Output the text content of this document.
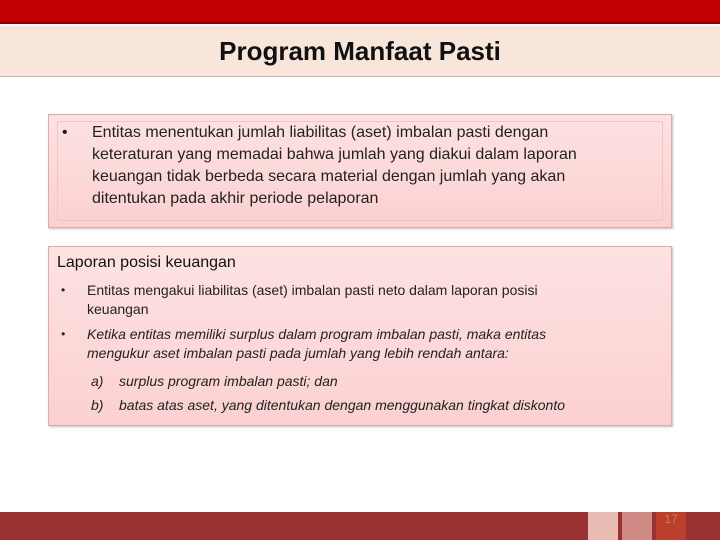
Program Manfaat Pasti
•	Entitas menentukan jumlah liabilitas (aset) imbalan pasti dengan
keteraturan yang memadai bahwa jumlah yang diakui dalam laporan
keuangan tidak berbeda secara material dengan jumlah yang akan
ditentukan pada akhir periode pelaporan
Laporan posisi keuangan
•	Entitas mengakui liabilitas (aset) imbalan pasti neto dalam laporan posisi
keuangan
•	Ketika entitas memiliki surplus dalam program imbalan pasti, maka entitas
mengukur aset imbalan pasti pada jumlah yang lebih rendah antara:
a)	surplus program imbalan pasti; dan
b)	batas atas aset, yang ditentukan dengan menggunakan tingkat diskonto
17
